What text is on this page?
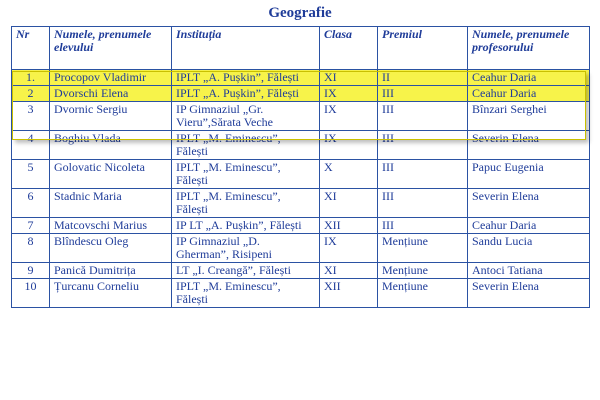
Geografie
Nr	Numele, prenumele elevului	Instituția	Clasa	Premiul	Numele, prenumele profesorului
1.	Procopov Vladimir	IPLT „A. Pușkin”, Fălești	XI	II	Ceahur Daria
2	Dvorschi Elena	IPLT „A. Pușkin”, Fălești	IX	III	Ceahur Daria
3	Dvornic Sergiu	IP Gimnaziul „Gr. Vieru”,Sărata Veche	IX	III	Bînzari Serghei
4	Boghiu Vlada	IPLT „M. Eminescu”, Fălești	IX	III	Severin Elena
5	Golovatic Nicoleta	IPLT „M. Eminescu”, Fălești	X	III	Papuc Eugenia
6	Stadnic Maria	IPLT „M. Eminescu”, Fălești	XI	III	Severin Elena
7	Matcovschi Marius	IP LT „A. Pușkin”, Fălești	XII	III	Ceahur Daria
8	Blîndescu Oleg	IP Gimnaziul „D. Gherman”, Risipeni	IX	Mențiune	Sandu Lucia
9	Panică Dumitrița	LT „I. Creangă”, Fălești	XI	Mențiune	Antoci Tatiana
10	Țurcanu Corneliu	IPLT „M. Eminescu”, Fălești	XII	Mențiune	Severin Elena
